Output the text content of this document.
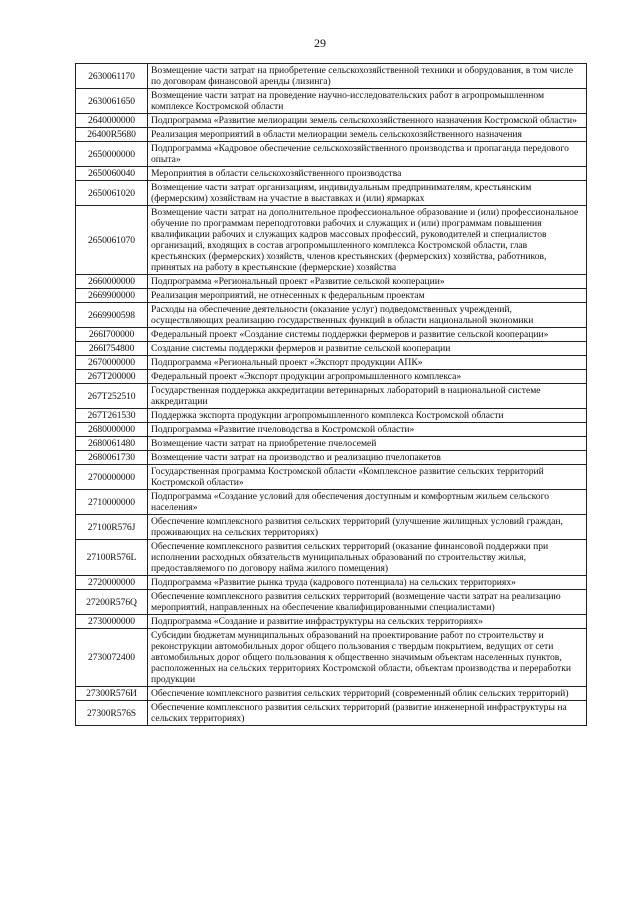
29
2630061170	Возмещение части затрат на приобретение сельскохозяйственной техники и оборудования, в том числе по договорам финансовой аренды (лизинга)
2630061650	Возмещение части затрат на проведение научно-исследовательских работ в агропромышленном комплексе Костромской области
2640000000	Подпрограмма «Развитие мелиорации земель сельскохозяйственного назначения Костромской области»
26400R5680	Реализация мероприятий в области мелиорации земель сельскохозяйственного назначения
2650000000	Подпрограмма «Кадровое обеспечение сельскохозяйственного производства и пропаганда передового опыта»
2650060040	Мероприятия в области сельскохозяйственного производства
2650061020	Возмещение части затрат организациям, индивидуальным предпринимателям, крестьянским (фермерским) хозяйствам на участие в выставках и (или) ярмарках
2650061070	Возмещение части затрат на дополнительное профессиональное образование и (или) профессиональное обучение по программам переподготовки рабочих и служащих и (или) программам повышения квалификации рабочих и служащих кадров массовых профессий, руководителей и специалистов организаций, входящих в состав агропромышленного комплекса Костромской области, глав крестьянских (фермерских) хозяйств, членов крестьянских (фермерских) хозяйства, работников, принятых на работу в крестьянские (фермерские) хозяйства
2660000000	Подпрограмма «Региональный проект «Развитие сельской кооперации»
2669900000	Реализация мероприятий, не отнесенных к федеральным проектам
2669900598	Расходы на обеспечение деятельности (оказание услуг) подведомственных учреждений, осуществляющих реализацию государственных функций в области национальной экономики
266I700000	Федеральный проект «Создание системы поддержки фермеров и развитие сельской кооперации»
266I754800	Создание системы поддержки фермеров и развитие сельской кооперации
2670000000	Подпрограмма «Региональный проект «Экспорт продукции АПК»
267T200000	Федеральный проект «Экспорт продукции агропромышленного комплекса»
267T252510	Государственная поддержка аккредитации ветеринарных лабораторий в национальной системе аккредитации
267T261530	Поддержка экспорта продукции агропромышленного комплекса Костромской области
2680000000	Подпрограмма «Развитие пчеловодства в Костромской области»
2680061480	Возмещение части затрат на приобретение пчелосемей
2680061730	Возмещение части затрат на производство и реализацию пчелопакетов
2700000000	Государственная программа Костромской области «Комплексное развитие сельских территорий Костромской области»
2710000000	Подпрограмма «Создание условий для обеспечения доступным и комфортным жильем сельского населения»
27100R576J	Обеспечение комплексного развития сельских территорий (улучшение жилищных условий граждан, проживающих на сельских территориях)
27100R576L	Обеспечение комплексного развития сельских территорий (оказание финансовой поддержки при исполнении расходных обязательств муниципальных образований по строительству жилья, предоставляемого по договору найма жилого помещения)
2720000000	Подпрограмма «Развитие рынка труда (кадрового потенциала) на сельских территориях»
27200R576Q	Обеспечение комплексного развития сельских территорий (возмещение части затрат на реализацию мероприятий, направленных на обеспечение квалифицированными специалистами)
2730000000	Подпрограмма «Создание и развитие инфраструктуры на сельских территориях»
2730072400	Субсидии бюджетам муниципальных образований на проектирование работ по строительству и реконструкции автомобильных дорог общего пользования с твердым покрытием, ведущих от сети автомобильных дорог общего пользования к общественно значимым объектам населенных пунктов, расположенных на сельских территориях Костромской области, объектам производства и переработки продукции
27300R576И	Обеспечение комплексного развития сельских территорий (современный облик сельских территорий)
27300R576S	Обеспечение комплексного развития сельских территорий (развитие инженерной инфраструктуры на сельских территориях)
